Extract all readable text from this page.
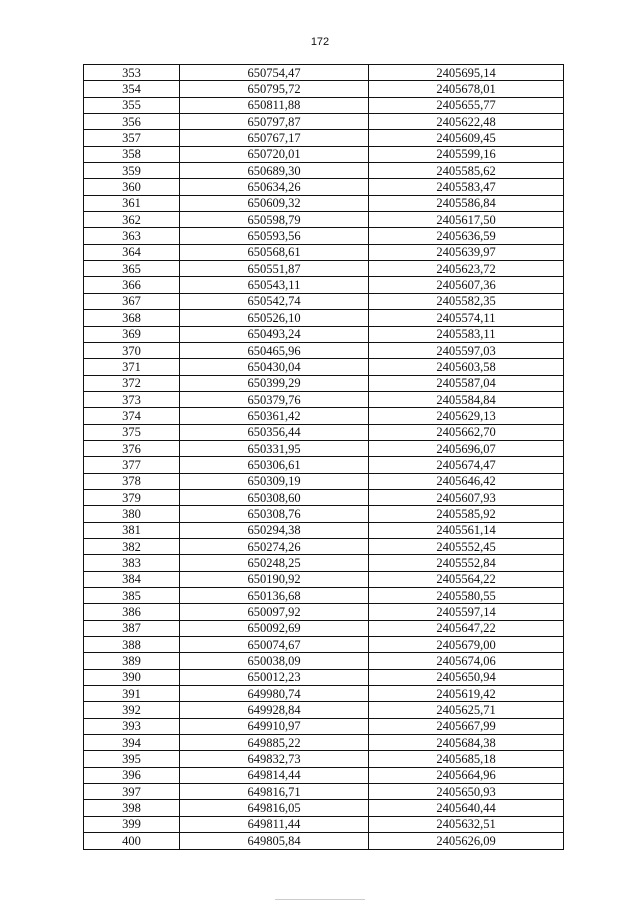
172
353	650754,47	2405695,14
354	650795,72	2405678,01
355	650811,88	2405655,77
356	650797,87	2405622,48
357	650767,17	2405609,45
358	650720,01	2405599,16
359	650689,30	2405585,62
360	650634,26	2405583,47
361	650609,32	2405586,84
362	650598,79	2405617,50
363	650593,56	2405636,59
364	650568,61	2405639,97
365	650551,87	2405623,72
366	650543,11	2405607,36
367	650542,74	2405582,35
368	650526,10	2405574,11
369	650493,24	2405583,11
370	650465,96	2405597,03
371	650430,04	2405603,58
372	650399,29	2405587,04
373	650379,76	2405584,84
374	650361,42	2405629,13
375	650356,44	2405662,70
376	650331,95	2405696,07
377	650306,61	2405674,47
378	650309,19	2405646,42
379	650308,60	2405607,93
380	650308,76	2405585,92
381	650294,38	2405561,14
382	650274,26	2405552,45
383	650248,25	2405552,84
384	650190,92	2405564,22
385	650136,68	2405580,55
386	650097,92	2405597,14
387	650092,69	2405647,22
388	650074,67	2405679,00
389	650038,09	2405674,06
390	650012,23	2405650,94
391	649980,74	2405619,42
392	649928,84	2405625,71
393	649910,97	2405667,99
394	649885,22	2405684,38
395	649832,73	2405685,18
396	649814,44	2405664,96
397	649816,71	2405650,93
398	649816,05	2405640,44
399	649811,44	2405632,51
400	649805,84	2405626,09
